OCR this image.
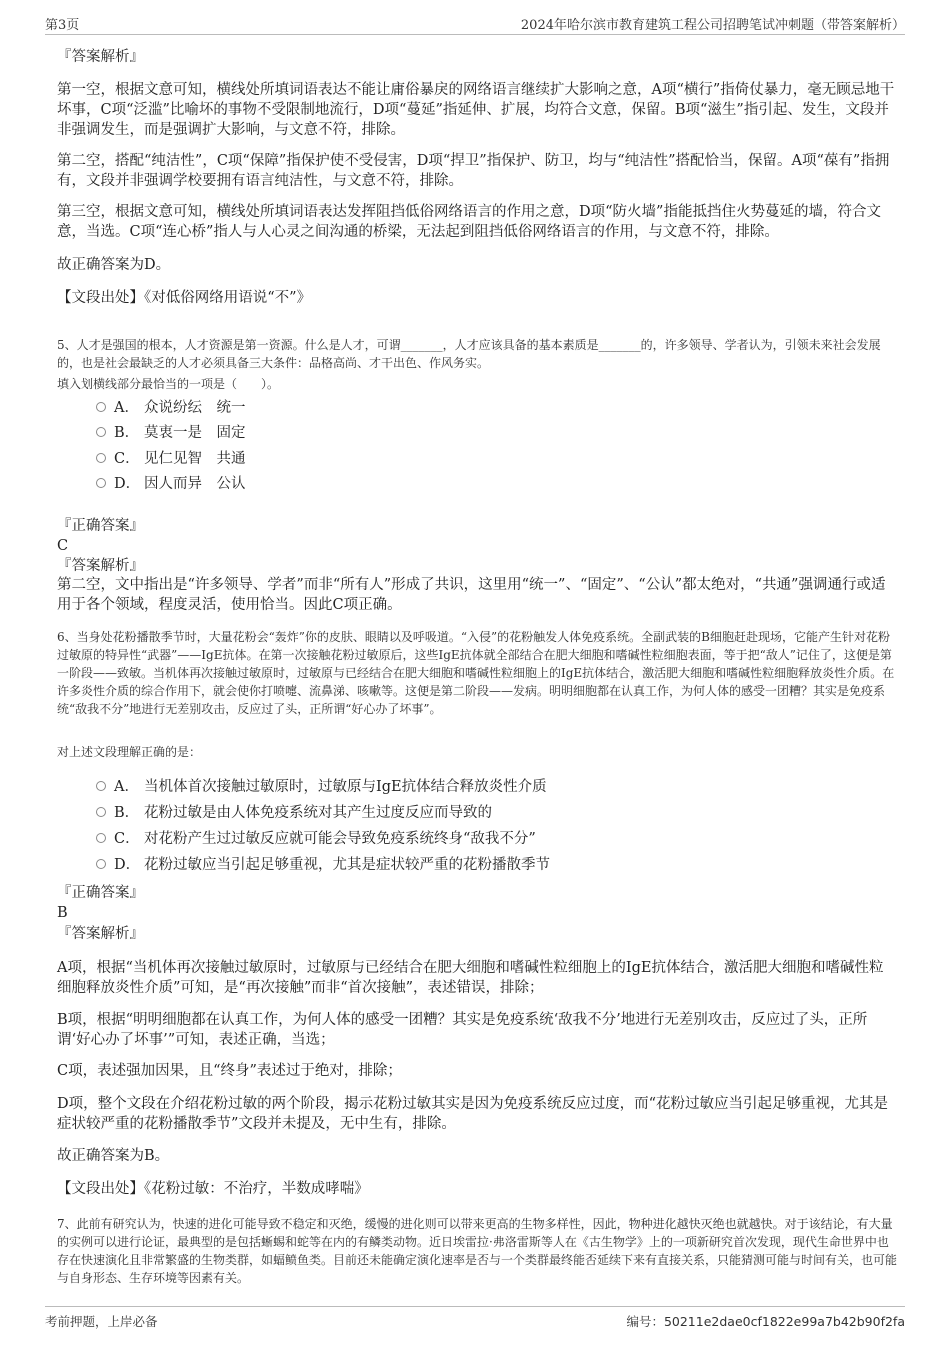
第3页	2024年哈尔滨市教育建筑工程公司招聘笔试冲刺题（带答案解析）
『答案解析』
第一空，根据文意可知，横线处所填词语表达不能让庸俗暴戾的网络语言继续扩大影响之意，A项“横行”指倚仗暴力，毫无顾忌地干坏事，C项“泛滥”比喻坏的事物不受限制地流行，D项“蔓延”指延伸、扩展，均符合文意，保留。B项“滋生”指引起、发生，文段并非强调发生，而是强调扩大影响，与文意不符，排除。
第二空，搭配“纯洁性”，C项“保障”指保护使不受侵害，D项“捍卫”指保护、防卫，均与“纯洁性”搭配恰当，保留。A项“葆有”指拥有，文段并非强调学校要拥有语言纯洁性，与文意不符，排除。
第三空，根据文意可知，横线处所填词语表达发挥阻挡低俗网络语言的作用之意，D项“防火墙”指能抵挡住火势蔓延的墙，符合文意，当选。C项“连心桥”指人与人心灵之间沟通的桥梁，无法起到阻挡低俗网络语言的作用，与文意不符，排除。
故正确答案为D。
【文段出处】《对低俗网络用语说“不”》
5、人才是强国的根本，人才资源是第一资源。什么是人才，可谓_______，人才应该具备的基本素质是_______的，许多领导、学者认为，引领未来社会发展的，也是社会最缺乏的人才必须具备三大条件：品格高尚、才干出色、作风务实。
填入划横线部分最恰当的一项是（　　）。
A． 众说纷纭　统一
B． 莫衷一是　固定
C． 见仁见智　共通
D． 因人而异　公认
『正确答案』
C
『答案解析』
第二空，文中指出是“许多领导、学者”而非“所有人”形成了共识，这里用“统一”、“固定”、“公认”都太绝对，“共通”强调通行或适用于各个领域，程度灵活，使用恰当。因此C项正确。
6、当身处花粉播散季节时，大量花粉会“轰炸”你的皮肤、眼睛以及呼吸道。“入侵”的花粉触发人体免疫系统。全副武装的B细胞赶赴现场，它能产生针对花粉过敏原的特异性“武器”——IgE抗体。在第一次接触花粉过敏原后，这些IgE抗体就全部结合在肥大细胞和嗜碱性粒细胞表面，等于把“敌人”记住了，这便是第一阶段——致敏。当机体再次接触过敏原时，过敏原与已经结合在肥大细胞和嗜碱性粒细胞上的IgE抗体结合，激活肥大细胞和嗜碱性粒细胞释放炎性介质。在许多炎性介质的综合作用下，就会使你打喷嚏、流鼻涕、咳嗽等。这便是第二阶段——发病。明明细胞都在认真工作，为何人体的感受一团糟？其实是免疫系统“敌我不分”地进行无差别攻击，反应过了头，正所谓“好心办了坏事”。
对上述文段理解正确的是：
A． 当机体首次接触过敏原时，过敏原与IgE抗体结合释放炎性介质
B． 花粉过敏是由人体免疫系统对其产生过度反应而导致的
C． 对花粉产生过过敏反应就可能会导致免疫系统终身“敌我不分”
D． 花粉过敏应当引起足够重视，尤其是症状较严重的花粉播散季节
『正确答案』
B
『答案解析』
A项，根据“当机体再次接触过敏原时，过敏原与已经结合在肥大细胞和嗜碱性粒细胞上的IgE抗体结合，激活肥大细胞和嗜碱性粒细胞释放炎性介质”可知，是“再次接触”而非“首次接触”，表述错误，排除；
B项，根据“明明细胞都在认真工作，为何人体的感受一团糟？其实是免疫系统‘敌我不分’地进行无差别攻击，反应过了头，正所谓‘好心办了坏事’”可知，表述正确，当选；
C项，表述强加因果，且“终身”表述过于绝对，排除；
D项，整个文段在介绍花粉过敏的两个阶段，揭示花粉过敏其实是因为免疫系统反应过度，而“花粉过敏应当引起足够重视，尤其是症状较严重的花粉播散季节”文段并未提及，无中生有，排除。
故正确答案为B。
【文段出处】《花粉过敏：不治疗，半数成哮喘》
7、此前有研究认为，快速的进化可能导致不稳定和灭绝，缓慢的进化则可以带来更高的生物多样性，因此，物种进化越快灭绝也就越快。对于该结论，有大量的实例可以进行论证，最典型的是包括蜥蜴和蛇等在内的有鳞类动物。近日埃雷拉·弗洛雷斯等人在《古生物学》上的一项新研究首次发现，现代生命世界中也存在快速演化且非常繁盛的生物类群，如蝠鲼鱼类。目前还未能确定演化速率是否与一个类群最终能否延续下来有直接关系，只能猜测可能与时间有关，也可能与自身形态、生存环境等因素有关。
考前押题，上岸必备	编号：50211e2dae0cf1822e99a7b42b90f2fa
